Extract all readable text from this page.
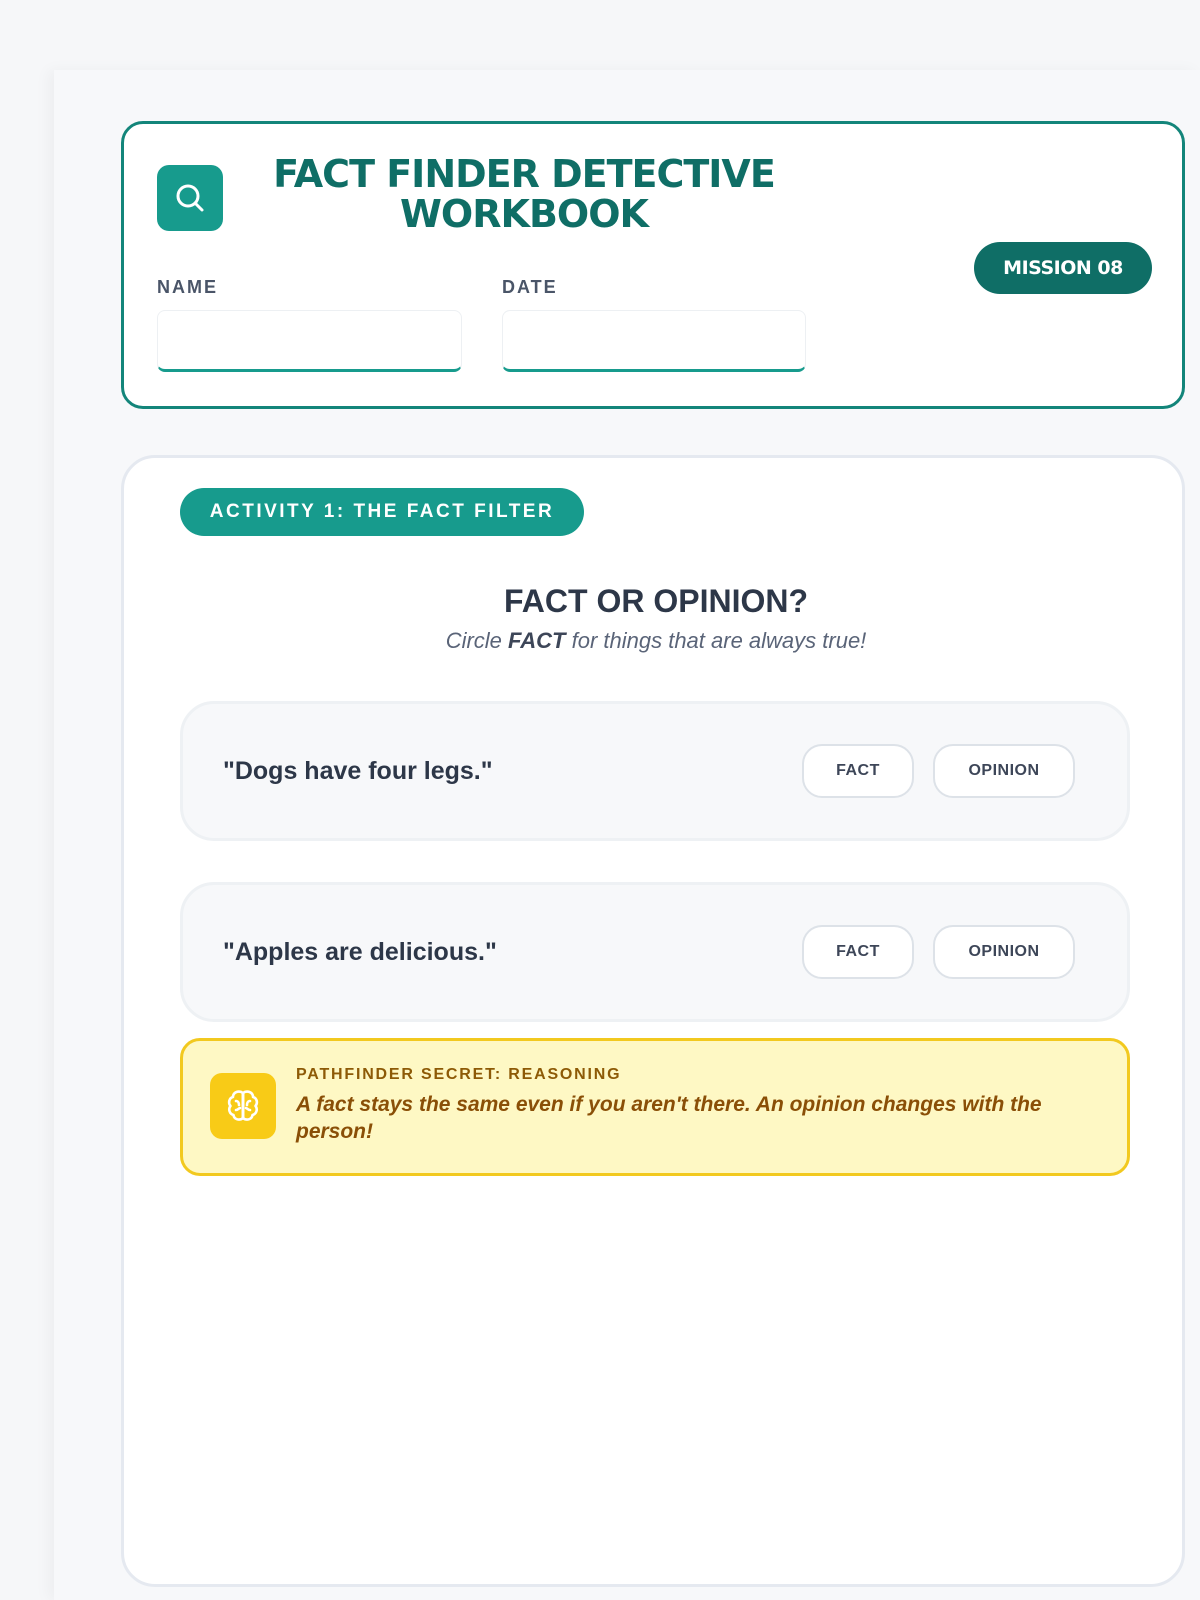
FACT FINDER DETECTIVE WORKBOOK
NAME	DATE
MISSION 08
ACTIVITY 1: THE FACT FILTER
FACT OR OPINION?
Circle FACT for things that are always true!
"Dogs have four legs."	FACT	OPINION
"Apples are delicious."	FACT	OPINION
PATHFINDER SECRET: REASONING
A fact stays the same even if you aren't there. An opinion changes with the person!
